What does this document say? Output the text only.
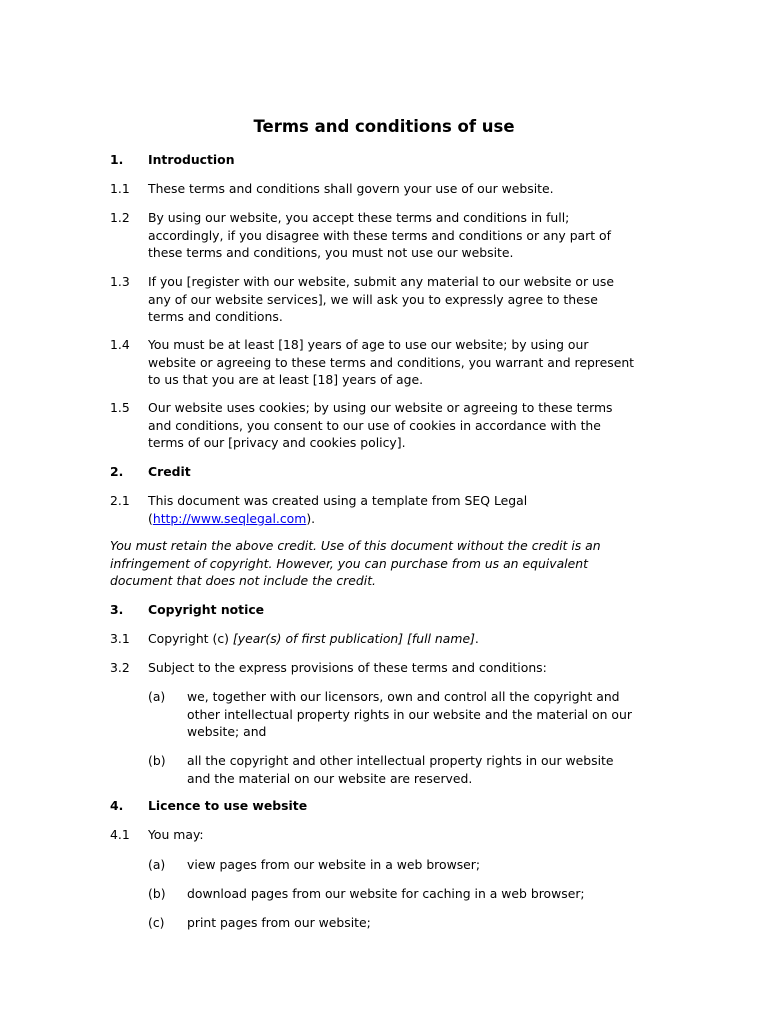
Terms and conditions of use
1. Introduction
1.1 These terms and conditions shall govern your use of our website.
1.2 By using our website, you accept these terms and conditions in full;
accordingly, if you disagree with these terms and conditions or any part of
these terms and conditions, you must not use our website.
1.3 If you [register with our website, submit any material to our website or use
any of our website services], we will ask you to expressly agree to these
terms and conditions.
1.4 You must be at least [18] years of age to use our website; by using our
website or agreeing to these terms and conditions, you warrant and represent
to us that you are at least [18] years of age.
1.5 Our website uses cookies; by using our website or agreeing to these terms
and conditions, you consent to our use of cookies in accordance with the
terms of our [privacy and cookies policy].
2. Credit
2.1 This document was created using a template from SEQ Legal
(http://www.seqlegal.com).
You must retain the above credit. Use of this document without the credit is an
infringement of copyright. However, you can purchase from us an equivalent
document that does not include the credit.
3. Copyright notice
3.1 Copyright (c) [year(s) of first publication] [full name].
3.2 Subject to the express provisions of these terms and conditions:
(a) we, together with our licensors, own and control all the copyright and
other intellectual property rights in our website and the material on our
website; and
(b) all the copyright and other intellectual property rights in our website
and the material on our website are reserved.
4. Licence to use website
4.1 You may:
(a) view pages from our website in a web browser;
(b) download pages from our website for caching in a web browser;
(c) print pages from our website;
